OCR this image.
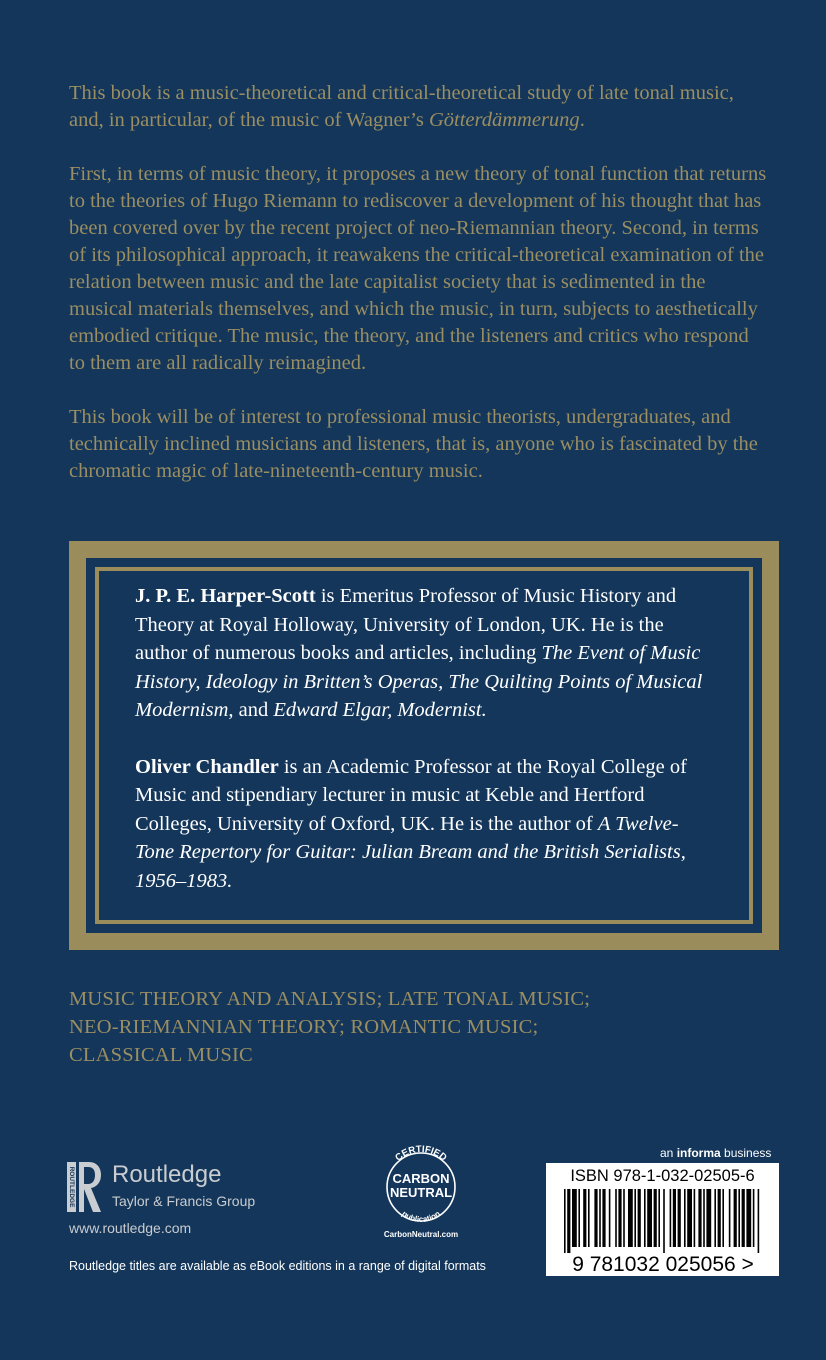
This book is a music-theoretical and critical-theoretical study of late tonal music, and, in particular, of the music of Wagner’s Götterdämmerung.

First, in terms of music theory, it proposes a new theory of tonal function that returns to the theories of Hugo Riemann to rediscover a development of his thought that has been covered over by the recent project of neo-Riemannian theory. Second, in terms of its philosophical approach, it reawakens the critical-theoretical examination of the relation between music and the late capitalist society that is sedimented in the musical materials themselves, and which the music, in turn, subjects to aesthetically embodied critique. The music, the theory, and the listeners and critics who respond to them are all radically reimagined.

This book will be of interest to professional music theorists, undergraduates, and technically inclined musicians and listeners, that is, anyone who is fascinated by the chromatic magic of late-nineteenth-century music.

J. P. E. Harper-Scott is Emeritus Professor of Music History and Theory at Royal Holloway, University of London, UK. He is the author of numerous books and articles, including The Event of Music History, Ideology in Britten’s Operas, The Quilting Points of Musical Modernism, and Edward Elgar, Modernist.

Oliver Chandler is an Academic Professor at the Royal College of Music and stipendiary lecturer in music at Keble and Hertford Colleges, University of Oxford, UK. He is the author of A Twelve-Tone Repertory for Guitar: Julian Bream and the British Serialists, 1956–1983.

MUSIC THEORY AND ANALYSIS; LATE TONAL MUSIC;
NEO-RIEMANNIAN THEORY; ROMANTIC MUSIC;
CLASSICAL MUSIC
ROUTLEDGE Routledge
Taylor & Francis Group
www.routledge.com
CERTIFIED
CARBON
NEUTRAL
publication
CarbonNeutral.com
an informa business
ISBN 978-1-032-02505-6
9 781032 025056 >
Routledge titles are available as eBook editions in a range of digital formats
